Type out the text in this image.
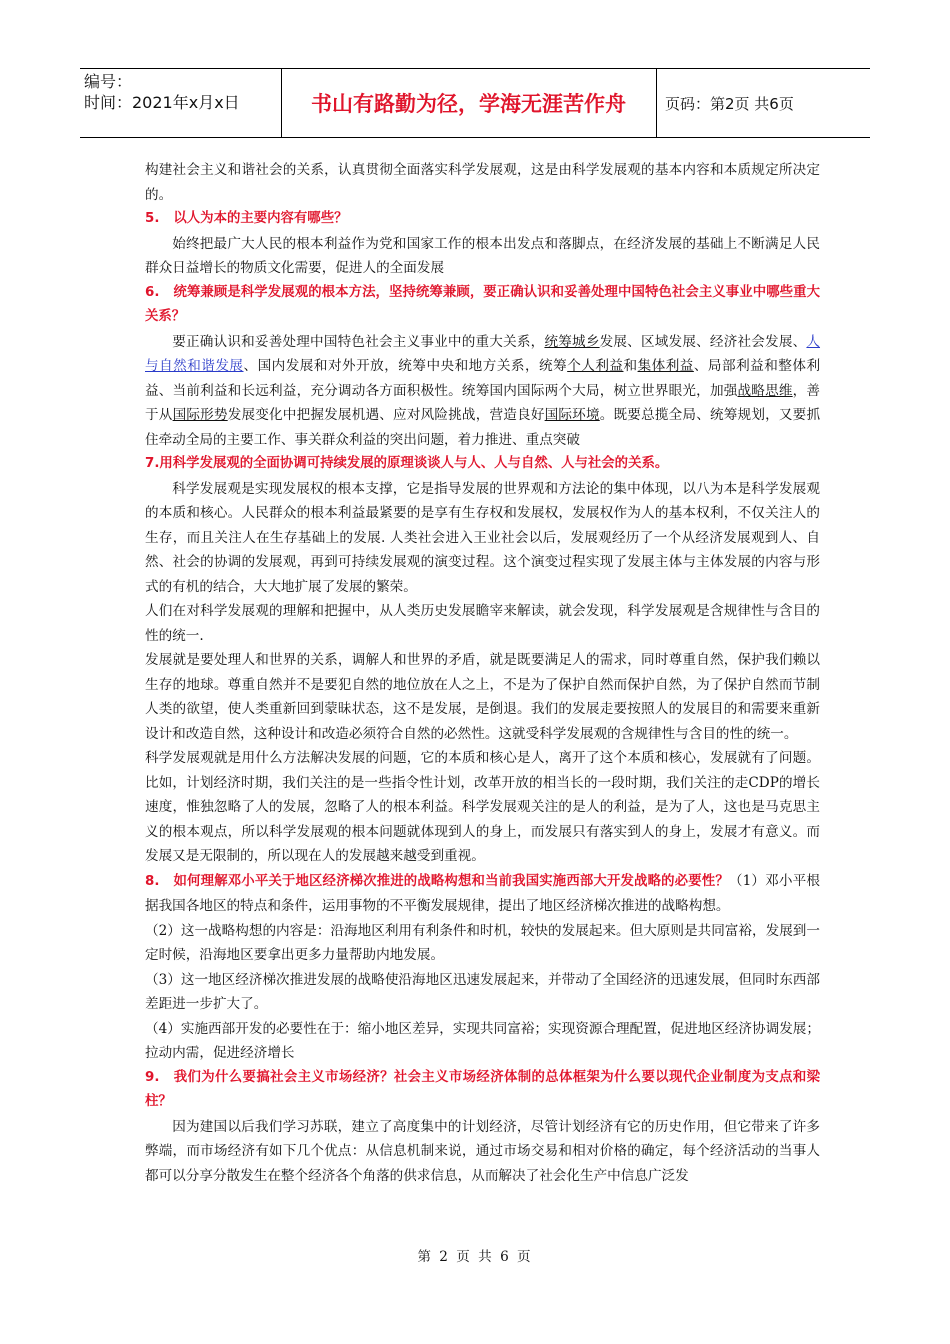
编号：
时间：2021年x月x日	书山有路勤为径，学海无涯苦作舟	页码：第2页 共6页

构建社会主义和谐社会的关系，认真贯彻全面落实科学发展观，这是由科学发展观的基本内容和本质规定所决定的。

5. 以人为本的主要内容有哪些？

始终把最广大人民的根本利益作为党和国家工作的根本出发点和落脚点，在经济发展的基础上不断满足人民群众日益增长的物质文化需要，促进人的全面发展

6. 统筹兼顾是科学发展观的根本方法，坚持统筹兼顾，要正确认识和妥善处理中国特色社会主义事业中哪些重大关系？

要正确认识和妥善处理中国特色社会主义事业中的重大关系，统筹城乡发展、区域发展、经济社会发展、人与自然和谐发展、国内发展和对外开放，统筹中央和地方关系，统筹个人利益和集体利益、局部利益和整体利益、当前利益和长远利益，充分调动各方面积极性。统筹国内国际两个大局，树立世界眼光，加强战略思维，善于从国际形势发展变化中把握发展机遇、应对风险挑战，营造良好国际环境。既要总揽全局、统筹规划，又要抓住牵动全局的主要工作、事关群众利益的突出问题，着力推进、重点突破

7.用科学发展观的全面协调可持续发展的原理谈谈人与人、人与自然、人与社会的关系。

科学发展观是实现发展权的根本支撑，它是指导发展的世界观和方法论的集中体现，以八为本是科学发展观的本质和核心。人民群众的根本利益最紧要的是享有生存权和发展权，发展权作为人的基本权利，不仅关注人的生存，而且关注人在生存基础上的发展. 人类社会进入王业社会以后，发展观经历了一个从经济发展观到人、自然、社会的协调的发展观，再到可持续发展观的演变过程。这个演变过程实现了发展主体与主体发展的内容与形式的有机的结合，大大地扩展了发展的繁荣。

人们在对科学发展观的理解和把握中，从人类历史发展瞻宰来解读，就会发现，科学发展观是含规律性与含目的性的统一.

发展就是要处理人和世界的关系，调解人和世界的矛盾，就是既要满足人的需求，同时尊重自然，保护我们赖以生存的地球。尊重自然并不是要犯自然的地位放在人之上，不是为了保护自然而保护自然，为了保护自然而节制人类的欲望，使人类重新回到蒙昧状态，这不是发展，是倒退。我们的发展走要按照人的发展目的和需要来重新设计和改造自然，这种设计和改造必须符合自然的必然性。这就受科学发展观的含规律性与含目的性的统一。

科学发展观就是用什么方法解决发展的问题，它的本质和核心是人，离开了这个本质和核心，发展就有了问题。比如，计划经济时期，我们关注的是一些指令性计划，改革开放的相当长的一段时期，我们关注的走CDP的增长速度，惟独忽略了人的发展，忽略了人的根本利益。科学发展观关注的是人的利益，是为了人，这也是马克思主义的根本观点，所以科学发展观的根本问题就体现到人的身上，而发展只有落实到人的身上，发展才有意义。而发展又是无限制的，所以现在人的发展越来越受到重视。

8. 如何理解邓小平关于地区经济梯次推进的战略构想和当前我国实施西部大开发战略的必要性？（1）邓小平根据我国各地区的特点和条件，运用事物的不平衡发展规律，提出了地区经济梯次推进的战略构想。

（2）这一战略构想的内容是：沿海地区利用有利条件和时机，较快的发展起来。但大原则是共同富裕，发展到一定时候，沿海地区要拿出更多力量帮助内地发展。

（3）这一地区经济梯次推进发展的战略使沿海地区迅速发展起来，并带动了全国经济的迅速发展，但同时东西部差距进一步扩大了。

（4）实施西部开发的必要性在于：缩小地区差异，实现共同富裕；实现资源合理配置，促进地区经济协调发展；拉动内需，促进经济增长

9. 我们为什么要搞社会主义市场经济？社会主义市场经济体制的总体框架为什么要以现代企业制度为支点和梁柱？

因为建国以后我们学习苏联，建立了高度集中的计划经济，尽管计划经济有它的历史作用，但它带来了许多弊端，而市场经济有如下几个优点：从信息机制来说，通过市场交易和相对价格的确定，每个经济活动的当事人都可以分享分散发生在整个经济各个角落的供求信息，从而解决了社会化生产中信息广泛发

第 2 页 共 6 页
